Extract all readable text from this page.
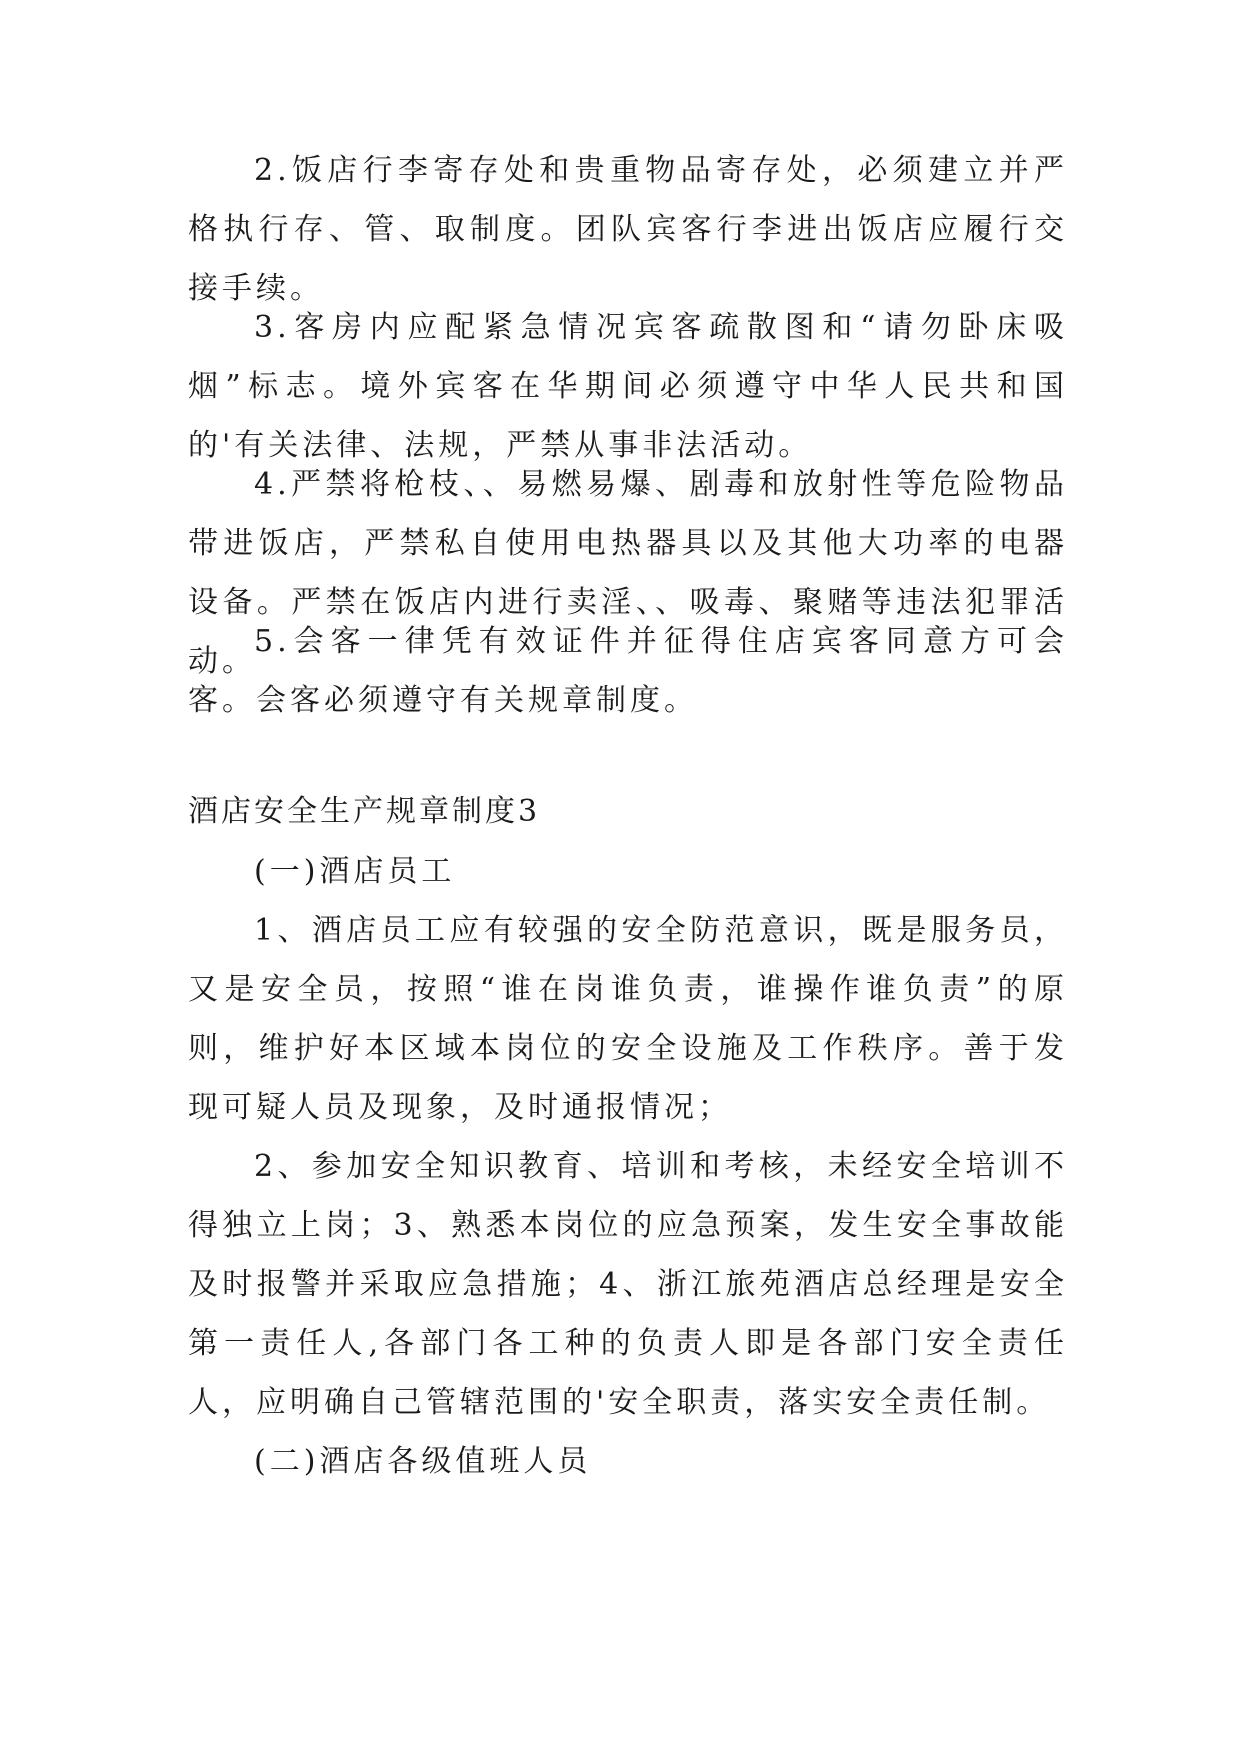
2.饭店行李寄存处和贵重物品寄存处，必须建立并严格执行存、管、取制度。团队宾客行李进出饭店应履行交接手续。

3.客房内应配紧急情况宾客疏散图和“请勿卧床吸烟”标志。境外宾客在华期间必须遵守中华人民共和国的'有关法律、法规，严禁从事非法活动。

4.严禁将枪枝、、易燃易爆、剧毒和放射性等危险物品带进饭店，严禁私自使用电热器具以及其他大功率的电器设备。严禁在饭店内进行卖淫、、吸毒、聚赌等违法犯罪活动。

5.会客一律凭有效证件并征得住店宾客同意方可会客。会客必须遵守有关规章制度。

酒店安全生产规章制度3

(一)酒店员工

1、酒店员工应有较强的安全防范意识，既是服务员，又是安全员，按照“谁在岗谁负责，谁操作谁负责”的原则，维护好本区域本岗位的安全设施及工作秩序。善于发现可疑人员及现象，及时通报情况；

2、参加安全知识教育、培训和考核，未经安全培训不得独立上岗；3、熟悉本岗位的应急预案，发生安全事故能及时报警并采取应急措施；4、浙江旅苑酒店总经理是安全第一责任人,各部门各工种的负责人即是各部门安全责任人，应明确自己管辖范围的'安全职责，落实安全责任制。

(二)酒店各级值班人员
